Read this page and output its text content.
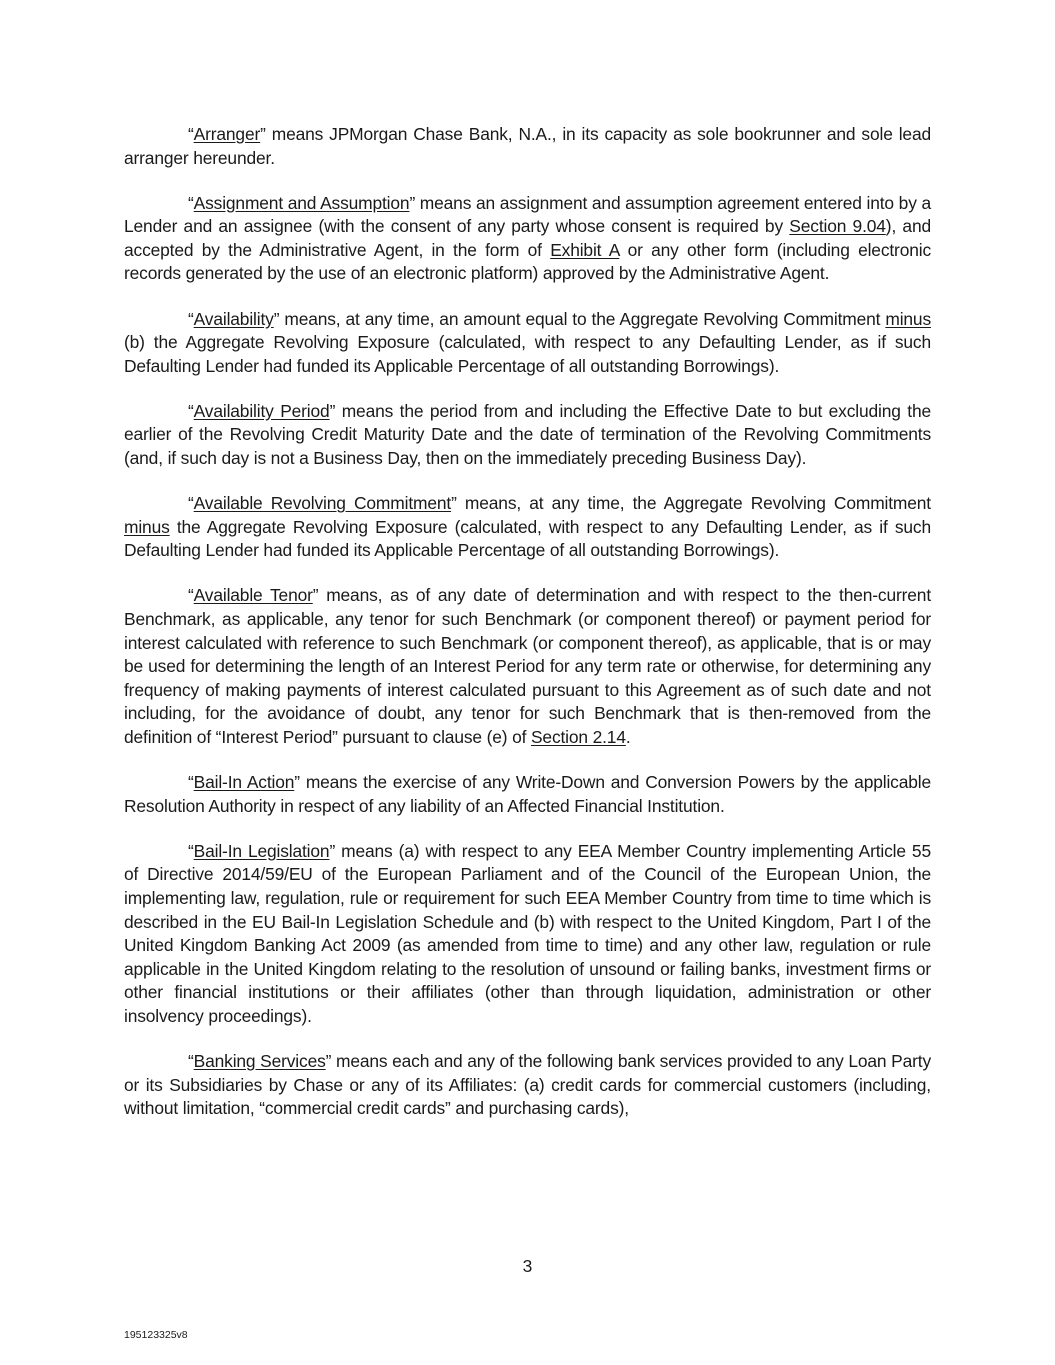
“Arranger” means JPMorgan Chase Bank, N.A., in its capacity as sole bookrunner and sole lead arranger hereunder.

“Assignment and Assumption” means an assignment and assumption agreement entered into by a Lender and an assignee (with the consent of any party whose consent is required by Section 9.04), and accepted by the Administrative Agent, in the form of Exhibit A or any other form (including electronic records generated by the use of an electronic platform) approved by the Administrative Agent.

“Availability” means, at any time, an amount equal to the Aggregate Revolving Commitment minus (b) the Aggregate Revolving Exposure (calculated, with respect to any Defaulting Lender, as if such Defaulting Lender had funded its Applicable Percentage of all outstanding Borrowings).

“Availability Period” means the period from and including the Effective Date to but excluding the earlier of the Revolving Credit Maturity Date and the date of termination of the Revolving Commitments (and, if such day is not a Business Day, then on the immediately preceding Business Day).

“Available Revolving Commitment” means, at any time, the Aggregate Revolving Commitment minus the Aggregate Revolving Exposure (calculated, with respect to any Defaulting Lender, as if such Defaulting Lender had funded its Applicable Percentage of all outstanding Borrowings).

“Available Tenor” means, as of any date of determination and with respect to the then-current Benchmark, as applicable, any tenor for such Benchmark (or component thereof) or payment period for interest calculated with reference to such Benchmark (or component thereof), as applicable, that is or may be used for determining the length of an Interest Period for any term rate or otherwise, for determining any frequency of making payments of interest calculated pursuant to this Agreement as of such date and not including, for the avoidance of doubt, any tenor for such Benchmark that is then-removed from the definition of “Interest Period” pursuant to clause (e) of Section 2.14.

“Bail-In Action” means the exercise of any Write-Down and Conversion Powers by the applicable Resolution Authority in respect of any liability of an Affected Financial Institution.

“Bail-In Legislation” means (a) with respect to any EEA Member Country implementing Article 55 of Directive 2014/59/EU of the European Parliament and of the Council of the European Union, the implementing law, regulation, rule or requirement for such EEA Member Country from time to time which is described in the EU Bail-In Legislation Schedule and (b) with respect to the United Kingdom, Part I of the United Kingdom Banking Act 2009 (as amended from time to time) and any other law, regulation or rule applicable in the United Kingdom relating to the resolution of unsound or failing banks, investment firms or other financial institutions or their affiliates (other than through liquidation, administration or other insolvency proceedings).

“Banking Services” means each and any of the following bank services provided to any Loan Party or its Subsidiaries by Chase or any of its Affiliates: (a) credit cards for commercial customers (including, without limitation, “commercial credit cards” and purchasing cards),

3
195123325v8
